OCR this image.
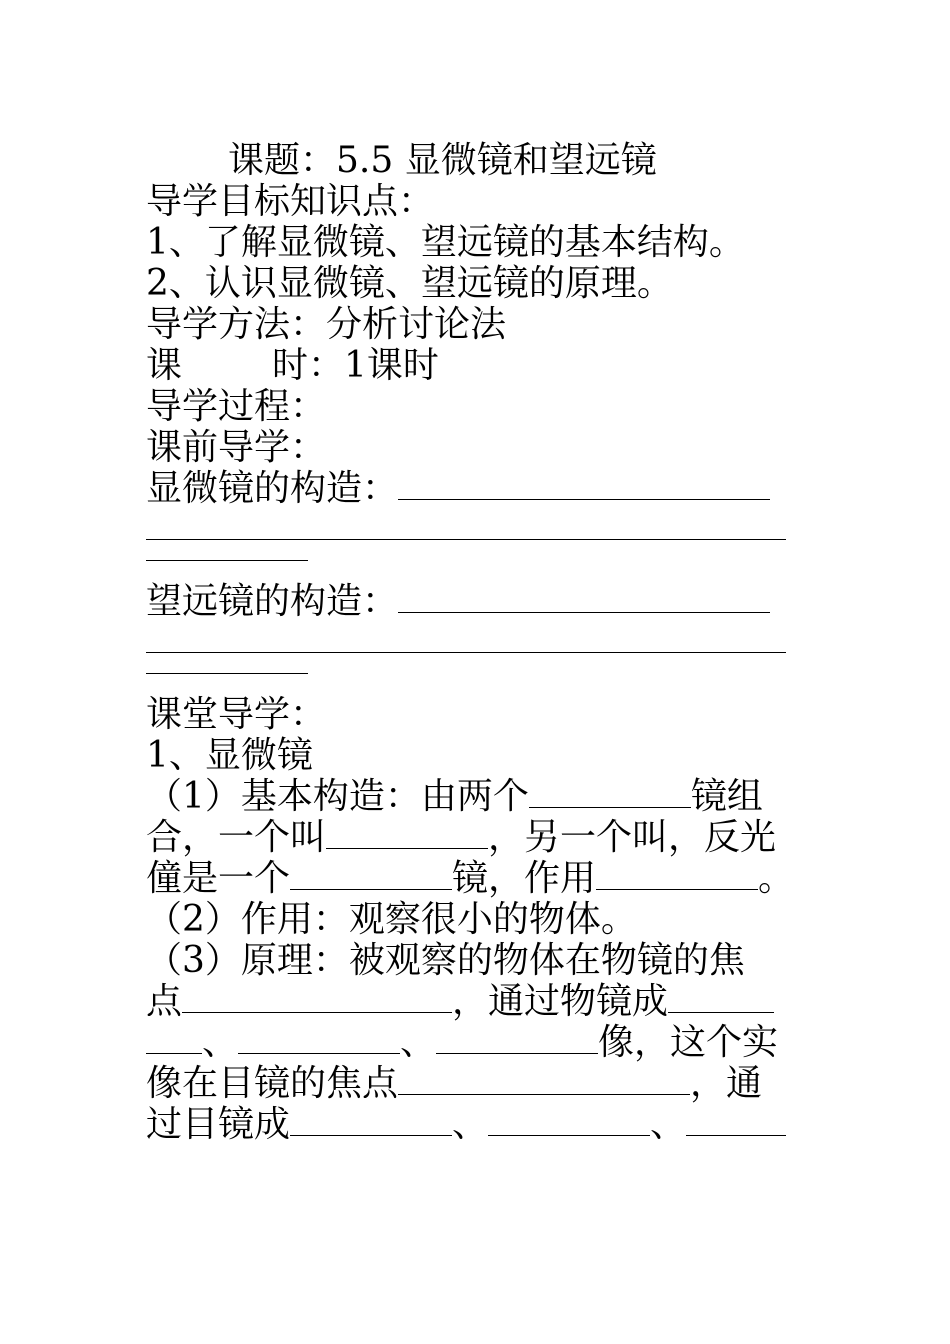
课题：5.5 显微镜和望远镜
导学目标知识点：
1、了解显微镜、望远镜的基本结构。
2、认识显微镜、望远镜的原理。
导学方法：分析讨论法
课	时：1课时
导学过程：
课前导学：
显微镜的构造：
望远镜的构造：
课堂导学：
1、显微镜
（1）基本构造：由两个	镜组
合，一个叫	，另一个叫，反光
僮是一个	镜，作用	。
（2）作用：观察很小的物体。
（3）原理：被观察的物体在物镜的焦
点	，通过物镜成
、	、	像，这个实
像在目镜的焦点	，通
过目镜成	、	、
